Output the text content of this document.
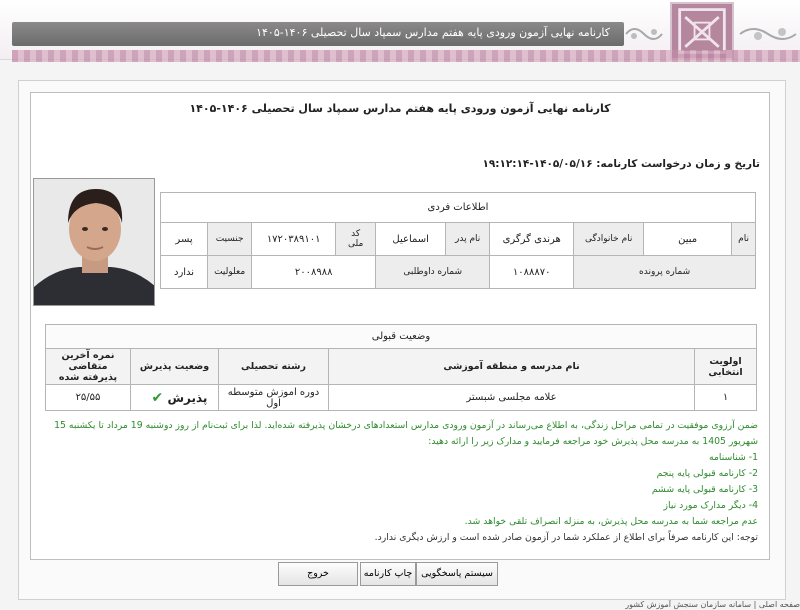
کارنامه نهایی آزمون ورودی پایه هفتم مدارس سمپاد سال تحصیلی ۱۴۰۶-۱۴۰۵
کارنامه نهایی آزمون ورودی پایه هفتم مدارس سمپاد سال تحصیلی ۱۴۰۶-۱۴۰۵
تاریخ و زمان درخواست کارنامه: ۱۴۰۵/۰۵/۱۶-۱۹:۱۲:۱۴
اطلاعات فردی									
نام	مبین	نام خانوادگی	هرندی گرگری	نام پدر	اسماعیل	کد ملی	۱۷۲۰۳۸۹۱۰۱	جنسیت	پسر
شماره پرونده			۱۰۸۸۸۷۰	شماره داوطلبی		۲۰۰۸۹۸۸		معلولیت	ندارد
وضعیت قبولی				
اولویت انتخابی	نام مدرسه و منطقه آموزشی	رشته تحصیلی	وضعیت پذیرش	نمره آخرین متقاضی پذیرفته شده
۱	علامه مجلسی شبستر	دوره اموزش متوسطه اول	پذیرش ✔	۲۵/۵۵
ضمن آرزوی موفقیت در تمامی مراحل زندگی، به اطلاع می‌رساند در آزمون ورودی مدارس استعدادهای درخشان پذیرفته شده‌اید. لذا برای ثبت‌نام از روز دوشنبه 19 مرداد تا یکشنبه 15
شهریور 1405 به مدرسه محل پذیرش خود مراجعه فرمایید و مدارک زیر را ارائه دهید:
1- شناسنامه
2- کارنامه قبولی پایه پنجم
3- کارنامه قبولی پایه ششم
4- دیگر مدارک مورد نیاز
عدم مراجعه شما به مدرسه محل پذیرش، به منزله انصراف تلقی خواهد شد.
توجه: این کارنامه صرفاً برای اطلاع از عملکرد شما در آزمون صادر شده است و ارزش دیگری ندارد.
سیستم پاسخگویی
چاپ کارنامه
خروج
صفحه اصلی | سامانه سازمان سنجش آموزش کشور
